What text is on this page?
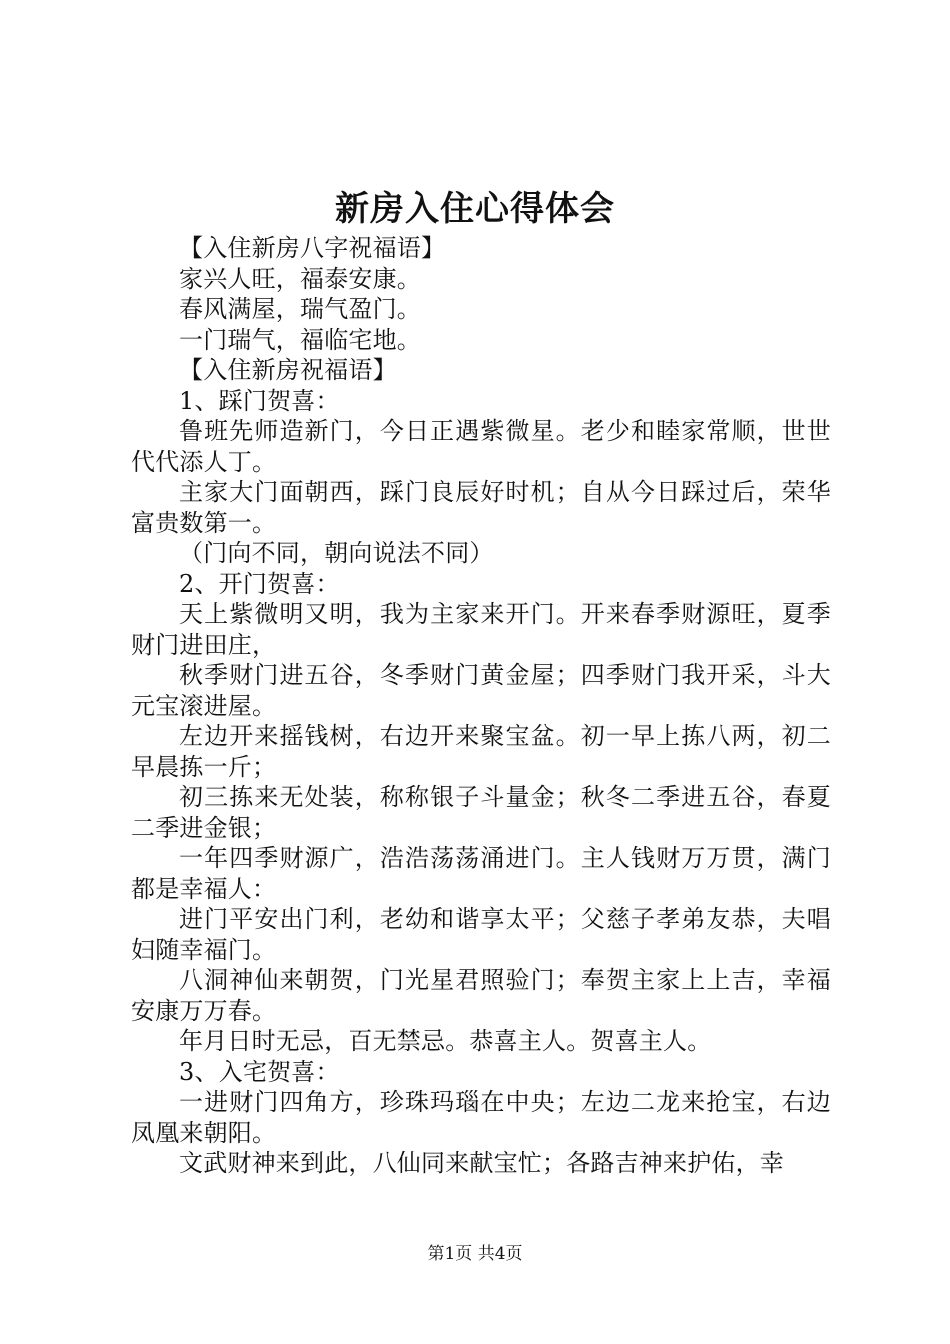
新房入住心得体会

【入住新房八字祝福语】

家兴人旺，福泰安康。

春风满屋，瑞气盈门。

一门瑞气，福临宅地。

【入住新房祝福语】

1、踩门贺喜：

鲁班先师造新门，今日正遇紫微星。老少和睦家常顺，世世代代添人丁。

主家大门面朝西，踩门良辰好时机；自从今日踩过后，荣华富贵数第一。

（门向不同，朝向说法不同）

2、开门贺喜：

天上紫微明又明，我为主家来开门。开来春季财源旺，夏季财门进田庄，

秋季财门进五谷，冬季财门黄金屋；四季财门我开采，斗大元宝滚进屋。

左边开来摇钱树，右边开来聚宝盆。初一早上拣八两，初二早晨拣一斤；

初三拣来无处装，称称银子斗量金；秋冬二季进五谷，春夏二季进金银；

一年四季财源广，浩浩荡荡涌进门。主人钱财万万贯，满门都是幸福人：

进门平安出门利，老幼和谐享太平；父慈子孝弟友恭，夫唱妇随幸福门。

八洞神仙来朝贺，门光星君照验门；奉贺主家上上吉，幸福安康万万春。

年月日时无忌，百无禁忌。恭喜主人。贺喜主人。

3、入宅贺喜：

一进财门四角方，珍珠玛瑙在中央；左边二龙来抢宝，右边凤凰来朝阳。

文武财神来到此，八仙同来献宝忙；各路吉神来护佑，幸

第1页 共4页
